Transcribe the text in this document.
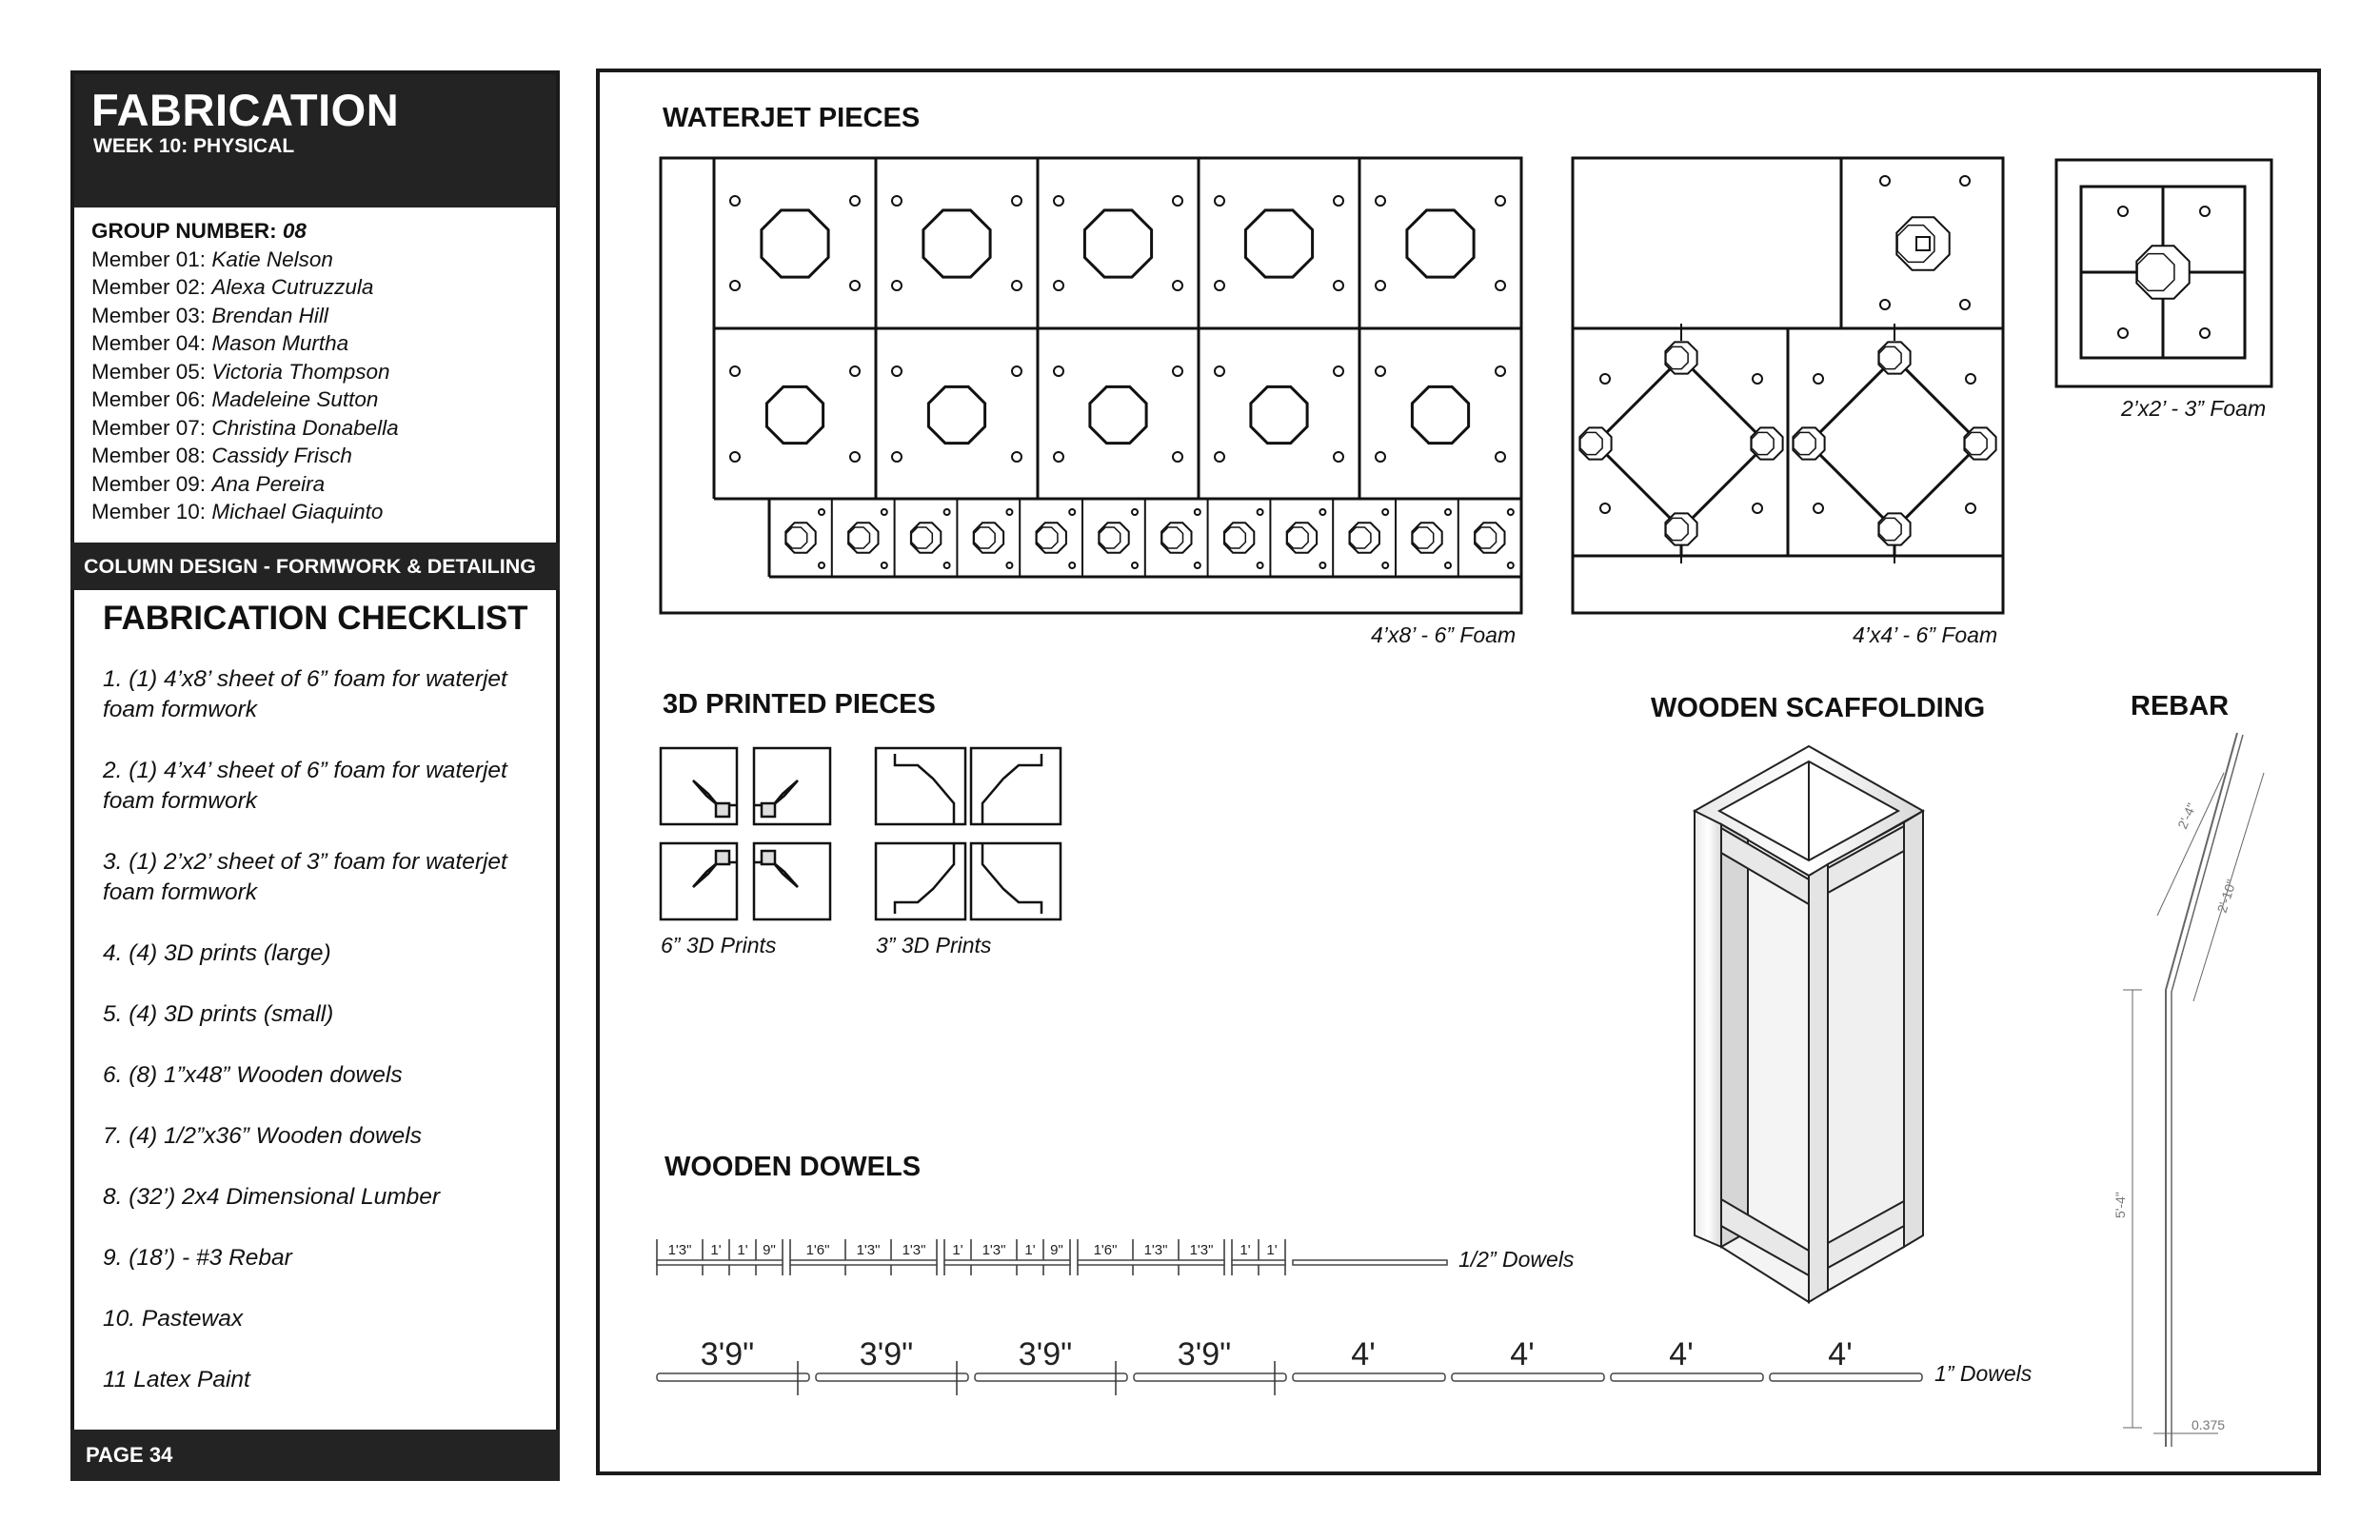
FABRICATION
WEEK 10: PHYSICAL
GROUP NUMBER: 08
Member 01: Katie Nelson
Member 02: Alexa Cutruzzula
Member 03: Brendan Hill
Member 04: Mason Murtha
Member 05: Victoria Thompson
Member 06: Madeleine Sutton
Member 07: Christina Donabella
Member 08: Cassidy Frisch
Member 09: Ana Pereira
Member 10: Michael Giaquinto
COLUMN DESIGN - FORMWORK & DETAILING
FABRICATION CHECKLIST
1. (1) 4’x8’ sheet of 6” foam for waterjet foam formwork
2. (1) 4’x4’ sheet of 6” foam for waterjet foam formwork
3. (1) 2’x2’ sheet of 3” foam for waterjet foam formwork
4. (4) 3D prints (large)
5. (4) 3D prints (small)
6. (8) 1”x48” Wooden dowels
7. (4) 1/2”x36” Wooden dowels
8. (32’) 2x4 Dimensional Lumber
9. (18’) - #3 Rebar
10. Pastewax
11 Latex Paint
PAGE 34
WATERJET PIECES
3D PRINTED PIECES	WOODEN SCAFFOLDING	REBAR
WOODEN DOWELS
4’x8’ - 6” Foam	4’x4’ - 6” Foam
2’x2’ - 3” Foam
6” 3D Prints	3” 3D Prints
1/2” Dowels
1” Dowels
2'-4"
2'-10"
5'-4"
0.375
1'3" 1' 1' 9" 1'6" 1'3" 1'3" 1' 1'3" 1' 9" 1'6" 1'3" 1'3" 1' 1'
3'9"	3'9"	3'9"	3'9"	4'	4'	4'	4'
